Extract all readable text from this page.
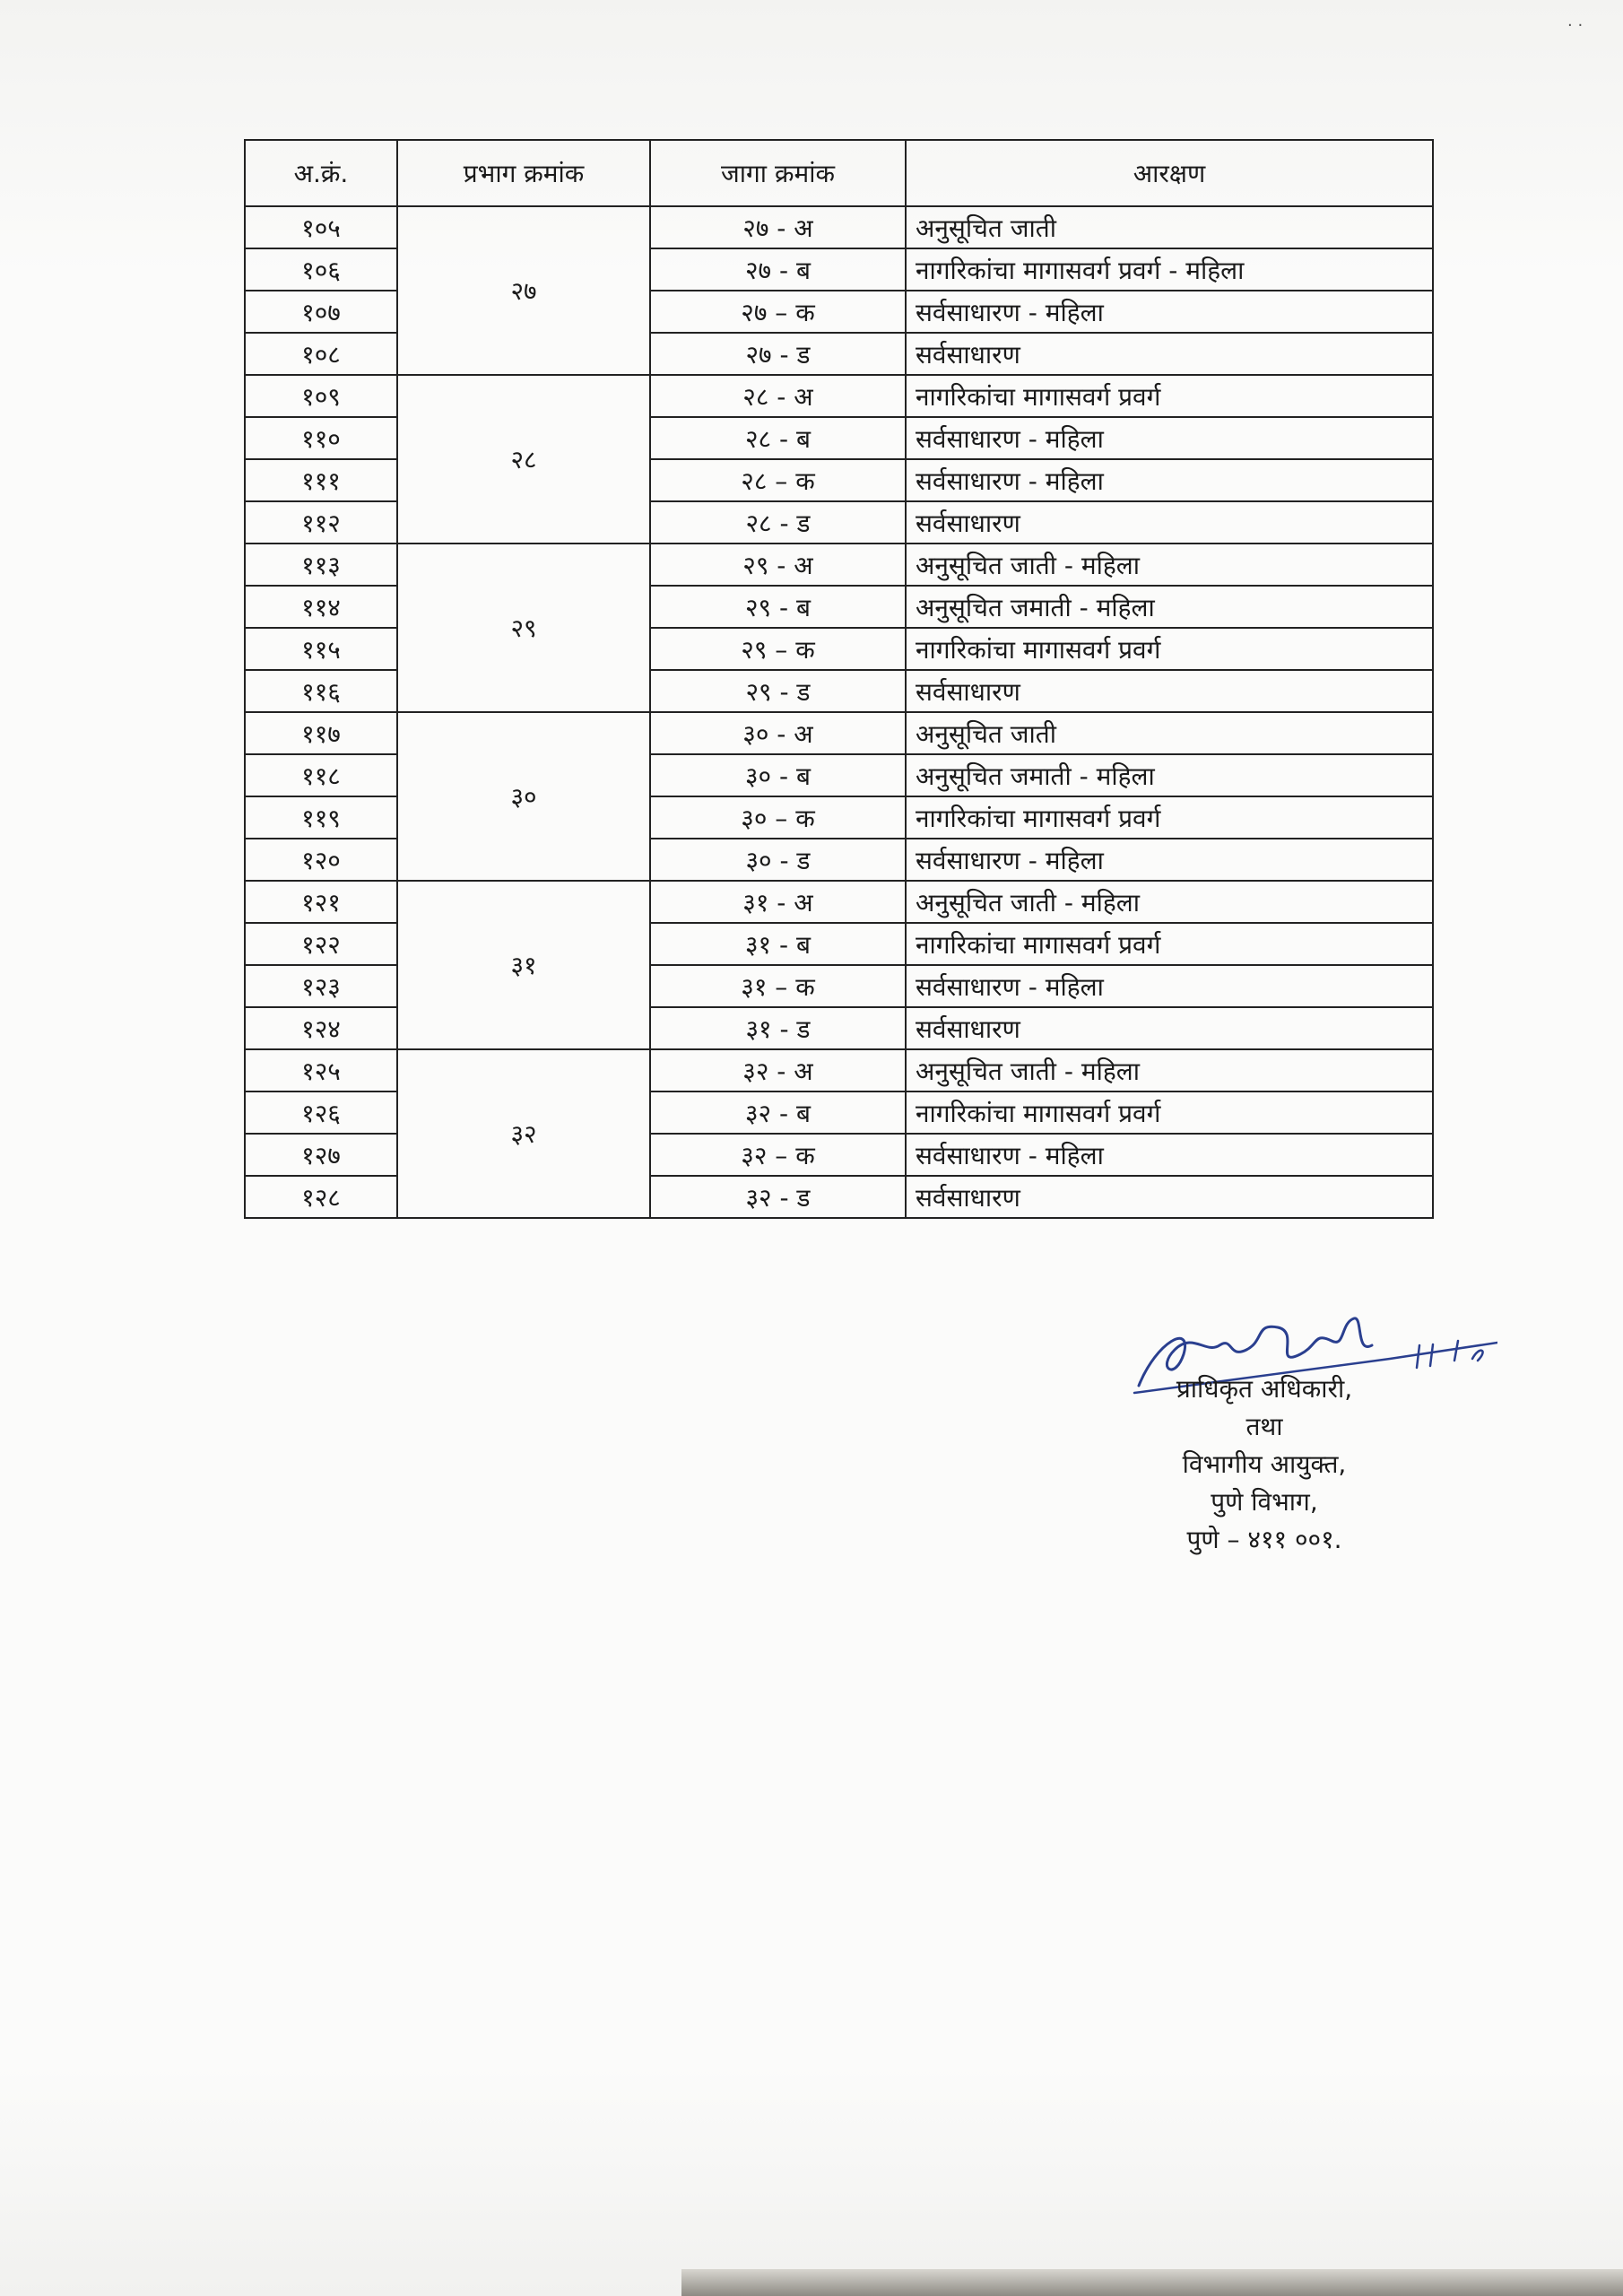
· ·
अ.क्रं.	प्रभाग क्रमांक	जागा क्रमांक	आरक्षण
१०५	२७	२७ - अ	अनुसूचित जाती
१०६		२७ - ब	नागरिकांचा मागासवर्ग प्रवर्ग - महिला
१०७		२७ – क	सर्वसाधारण - महिला
१०८		२७ - ड	सर्वसाधारण
१०९	२८	२८ - अ	नागरिकांचा मागासवर्ग प्रवर्ग
११०		२८ - ब	सर्वसाधारण - महिला
१११		२८ – क	सर्वसाधारण - महिला
११२		२८ - ड	सर्वसाधारण
११३	२९	२९ - अ	अनुसूचित जाती - महिला
११४		२९ - ब	अनुसूचित जमाती - महिला
११५		२९ – क	नागरिकांचा मागासवर्ग प्रवर्ग
११६		२९ - ड	सर्वसाधारण
११७	३०	३० - अ	अनुसूचित जाती
११८		३० - ब	अनुसूचित जमाती - महिला
११९		३० – क	नागरिकांचा मागासवर्ग प्रवर्ग
१२०		३० - ड	सर्वसाधारण - महिला
१२१	३१	३१ - अ	अनुसूचित जाती - महिला
१२२		३१ - ब	नागरिकांचा मागासवर्ग प्रवर्ग
१२३		३१ – क	सर्वसाधारण - महिला
१२४		३१ - ड	सर्वसाधारण
१२५	३२	३२ - अ	अनुसूचित जाती - महिला
१२६		३२ - ब	नागरिकांचा मागासवर्ग प्रवर्ग
१२७		३२ – क	सर्वसाधारण - महिला
१२८		३२ - ड	सर्वसाधारण
प्राधिकृत अधिकारी,
तथा
विभागीय आयुक्त,
पुणे विभाग,
पुणे – ४११ ००१.
